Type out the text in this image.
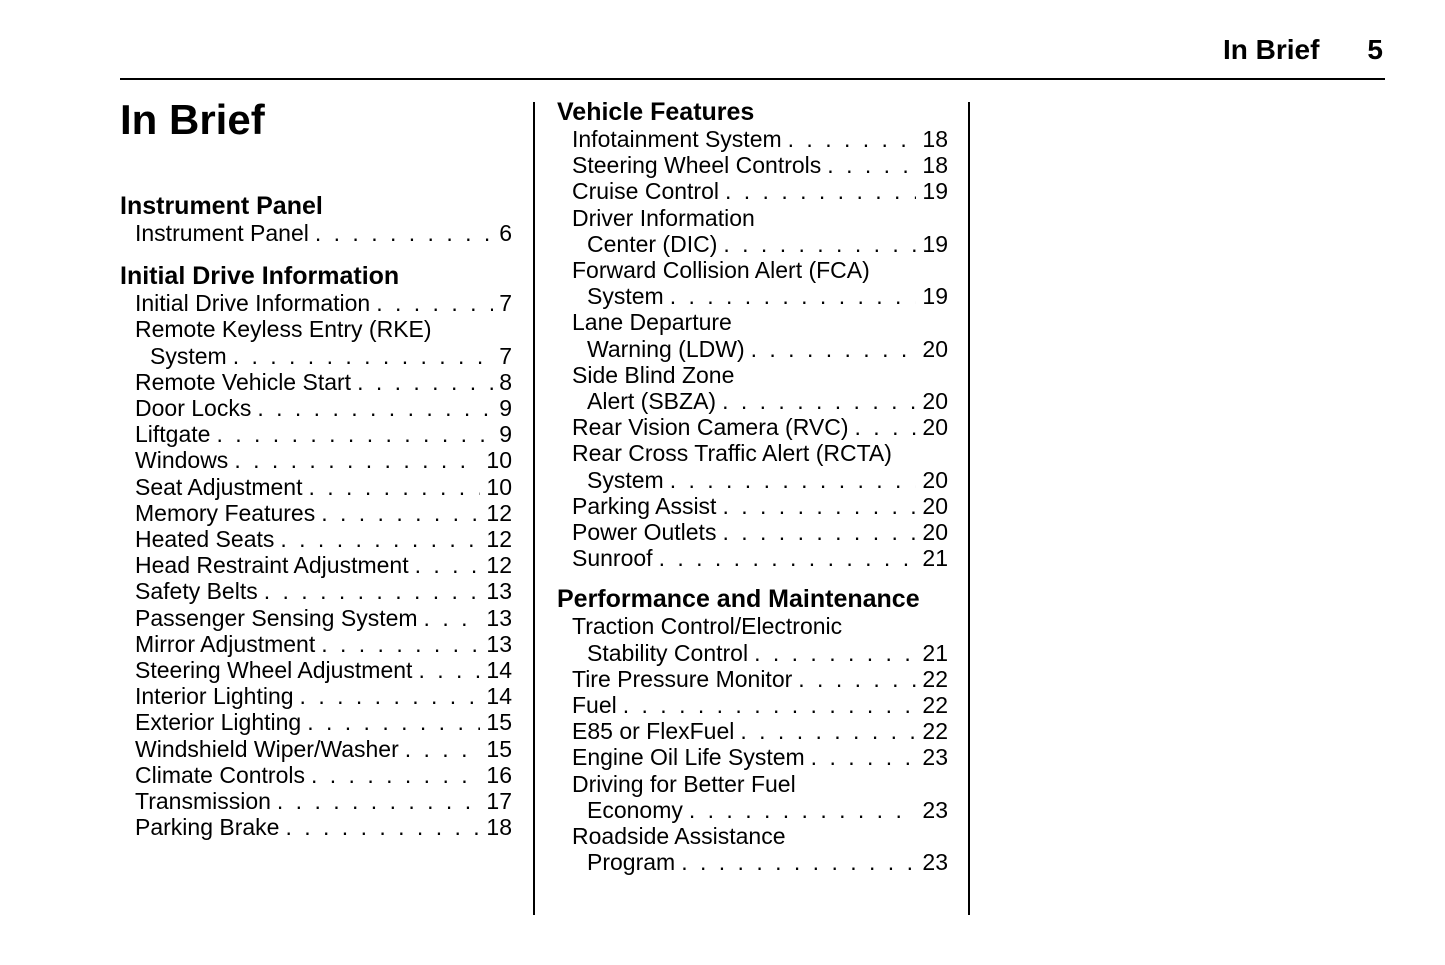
In Brief 5
In Brief
Instrument Panel
Instrument Panel . . .	6
Initial Drive Information
Initial Drive Information . . .	7
Remote Keyless Entry (RKE)
System . . .	7
Remote Vehicle Start . . .	8
Door Locks . . .	9
Liftgate . . .	9
Windows . . .	10
Seat Adjustment . . .	10
Memory Features . . .	12
Heated Seats . . .	12
Head Restraint Adjustment . . .	12
Safety Belts . . .	13
Passenger Sensing System . . .	13
Mirror Adjustment . . .	13
Steering Wheel Adjustment . . .	14
Interior Lighting . . .	14
Exterior Lighting . . .	15
Windshield Wiper/Washer . . .	15
Climate Controls . . .	16
Transmission . . .	17
Parking Brake . . .	18
Vehicle Features
Infotainment System . . .	18
Steering Wheel Controls . . .	18
Cruise Control . . .	19
Driver Information
Center (DIC) . . .	19
Forward Collision Alert (FCA)
System . . .	19
Lane Departure
Warning (LDW) . . .	20
Side Blind Zone
Alert (SBZA) . . .	20
Rear Vision Camera (RVC) . . .	20
Rear Cross Traffic Alert (RCTA)
System . . .	20
Parking Assist . . .	20
Power Outlets . . .	20
Sunroof . . .	21
Performance and Maintenance
Traction Control/Electronic
Stability Control . . .	21
Tire Pressure Monitor . . .	22
Fuel . . .	22
E85 or FlexFuel . . .	22
Engine Oil Life System . . .	23
Driving for Better Fuel
Economy . . .	23
Roadside Assistance
Program . . .	23
